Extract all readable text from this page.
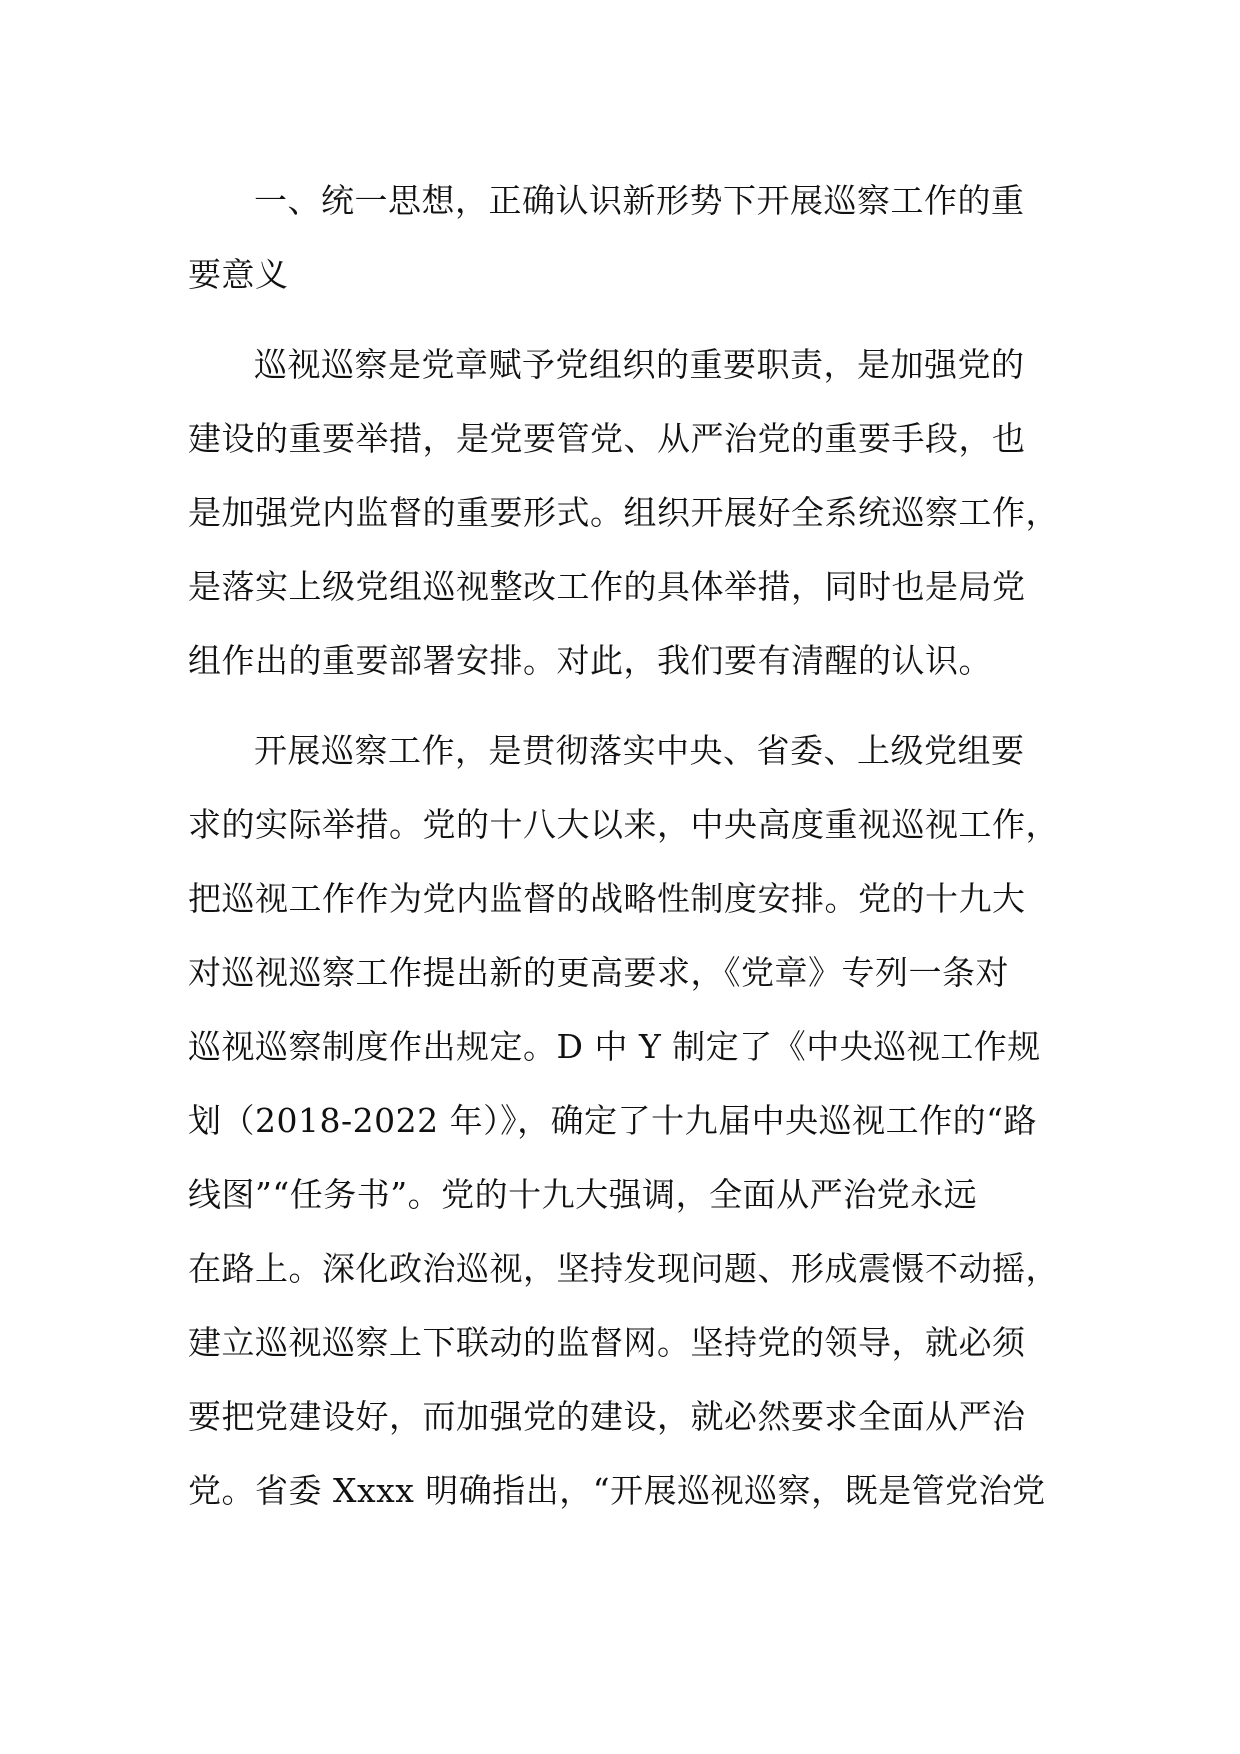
一、统一思想，正确认识新形势下开展巡察工作的重
要意义
巡视巡察是党章赋予党组织的重要职责，是加强党的
建设的重要举措，是党要管党、从严治党的重要手段，也
是加强党内监督的重要形式。组织开展好全系统巡察工作，
是落实上级党组巡视整改工作的具体举措，同时也是局党
组作出的重要部署安排。对此，我们要有清醒的认识。
开展巡察工作，是贯彻落实中央、省委、上级党组要
求的实际举措。党的十八大以来，中央高度重视巡视工作，
把巡视工作作为党内监督的战略性制度安排。党的十九大
对巡视巡察工作提出新的更高要求，《党章》专列一条对
巡视巡察制度作出规定。D 中 Y 制定了《中央巡视工作规
划（2018-2022 年）》，确定了十九届中央巡视工作的“路
线图”“任务书”。党的十九大强调，全面从严治党永远
在路上。深化政治巡视，坚持发现问题、形成震慑不动摇，
建立巡视巡察上下联动的监督网。坚持党的领导，就必须
要把党建设好，而加强党的建设，就必然要求全面从严治
党。省委 Xxxx 明确指出，“开展巡视巡察，既是管党治党
